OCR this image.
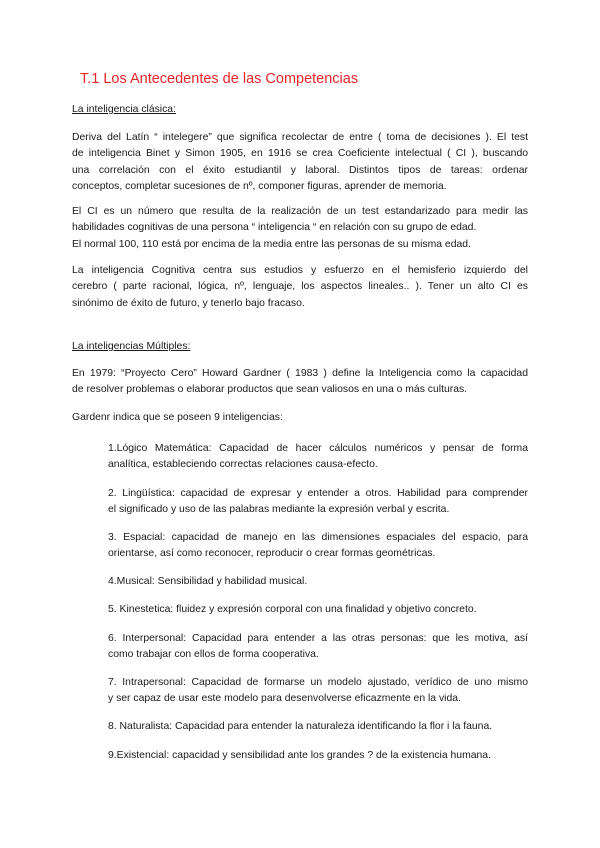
T.1 Los Antecedentes de las Competencias

La inteligencia clásica:

Deriva del Latín “ intelegere” que significa recolectar de entre ( toma de decisiones ). El test
de inteligencia Binet y Simon 1905, en 1916 se crea Coeficiente intelectual ( CI ), buscando
una correlación con el éxito estudiantil y laboral. Distintos tipos de tareas: ordenar
conceptos, completar sucesiones de nº, componer figuras, aprender de memoria.
El CI es un número que resulta de la realización de un test estandarizado para medir las
habilidades cognitivas de una persona “ inteligencia “ en relación con su grupo de edad.
El normal 100, 110 está por encima de la media entre las personas de su misma edad.
La inteligencia Cognitiva centra sus estudios y esfuerzo en el hemisferio izquierdo del
cerebro ( parte racional, lógica, nº, lenguaje, los aspectos lineales.. ). Tener un alto CI es
sinónimo de éxito de futuro, y tenerlo bajo fracaso.

La inteligencias Múltiples:

En 1979: “Proyecto Cero” Howard Gardner ( 1983 ) define la Inteligencia como la capacidad
de resolver problemas o elaborar productos que sean valiosos en una o más culturas.
Gardenr indica que se poseen 9 inteligencias:
1.Lógico Matemática: Capacidad de hacer cálculos numéricos y pensar de forma
analítica, estableciendo correctas relaciones causa-efecto.
2. Lingüística: capacidad de expresar y entender a otros. Habilidad para comprender
el significado y uso de las palabras mediante la expresión verbal y escrita.
3. Espacial: capacidad de manejo en las dimensiones espaciales del espacio, para
orientarse, así como reconocer, reproducir o crear formas geométricas.
4.Musical: Sensibilidad y habilidad musical.
5. Kinestetica: fluidez y expresión corporal con una finalidad y objetivo concreto.
6. Interpersonal: Capacidad para entender a las otras personas: que les motiva, así
como trabajar con ellos de forma cooperativa.
7. Intrapersonal: Capacidad de formarse un modelo ajustado, verídico de uno mismo
y ser capaz de usar este modelo para desenvolverse eficazmente en la vida.
8. Naturalista: Capacidad para entender la naturaleza identificando la flor i la fauna.
9.Existencial: capacidad y sensibilidad ante los grandes ? de la existencia humana.
